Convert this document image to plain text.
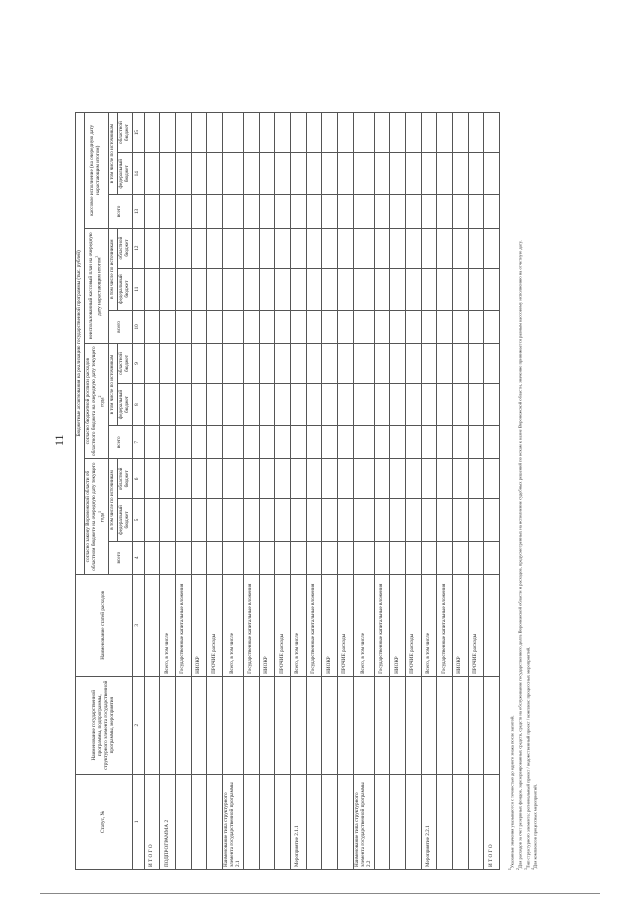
11
Статус, №	Наименование государственной программы, подпрограммы, структурного элемента государственной программы, мероприятия	Наименование статей расходов	Бюджетные ассигнования на реализацию государственной программы (тыс. рублей)											
			согласно закону Воронежской области об областном бюджете на очередную дату текущего года$^1$			согласно бюджетной росписи расходов областного бюджета на очередную дату текущего года$^2$			неиспользованный кассовый план на очередную дату нарастающим итогом$^3$			кассовое исполнение (на очередную дату нарастающим итогом)		
			всего	в том числе по источникам		всего	в том числе по источникам		всего	в том числе по источникам		всего	в том числе по источникам	
				федеральный бюджет	областной бюджет		федеральный бюджет	областной бюджет		федеральный бюджет	областной бюджет		федеральный бюджет	областной бюджет
1	2	3	4	5	6	7	8	9	10	11	12	13	14	15
И Т О Г О														
ПОДПРОГРАММА 2		Всего, в том числе												
		Государственные капитальные вложения												
		НИОКР												
		ПРОЧИЕ расходы												
Наименование типа структурного элемента государственной программы 2.1		Всего, в том числе												
		Государственные капитальные вложения												
		НИОКР												
		ПРОЧИЕ расходы												
Мероприятие 2.1.1		Всего, в том числе												
		Государственные капитальные вложения												
		НИОКР												
		ПРОЧИЕ расходы												
Наименование типа структурного элемента государственной программы 2.2		Всего, в том числе												
		Государственные капитальные вложения												
		НИОКР												
		ПРОЧИЕ расходы												
Мероприятие 2.2.1		Всего, в том числе												
		Государственные капитальные вложения												
		НИОКР												
		ПРОЧИЕ расходы												
И Т О Г О														
$^1$Указанные значения указываются с точностью до одного знака после запятой.
$^2$Для расходов за счет резервных фондов, зарезервированных средств, средств на обслуживание государственного долга Воронежской области и расходов, предусмотренных на исполнение судебных решений по искам к казне Воронежской области, значение принимается равным кассовому исполнению на отчетную дату.
$^3$Тип структурного элемента: региональный проект / ведомственный проект / комплекс процессных мероприятий.
$^4$Для комплексов процессных мероприятий.
